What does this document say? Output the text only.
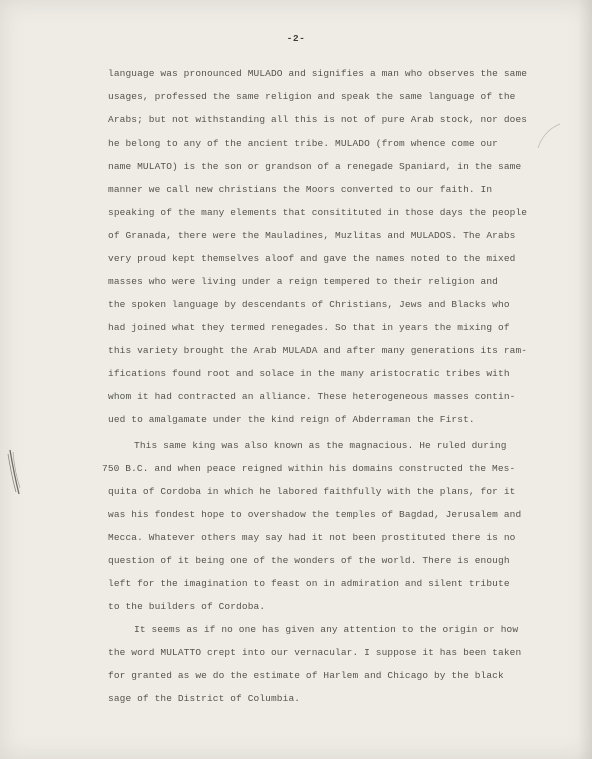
-2-
language was pronounced MULADO and signifies a man who observes the same
usages, professed the same religion and speak the same language of the
Arabs; but not withstanding all this is not of pure Arab stock, nor does
he belong to any of the ancient tribe. MULADO (from whence come our
name MULATO) is the son or grandson of a renegade Spaniard, in the same
manner we call new christians the Moors converted to our faith. In
speaking of the many elements that consitituted in those days the people
of Granada, there were the Mauladines, Muzlitas and MULADOS. The Arabs
very proud kept themselves aloof and gave the names noted to the mixed
masses who were living under a reign tempered to their religion and
the spoken language by descendants of Christians, Jews and Blacks who
had joined what they termed renegades. So that in years the mixing of
this variety brought the Arab MULADA and after many generations its ram-
ifications found root and solace in the many aristocratic tribes with
whom it had contracted an alliance. These heterogeneous masses contin-
ued to amalgamate under the kind reign of Abderraman the First.
This same king was also known as the magnacious. He ruled during
750 B.C. and when peace reigned within his domains constructed the Mes-
quita of Cordoba in which he labored faithfully with the plans, for it
was his fondest hope to overshadow the temples of Bagdad, Jerusalem and
Mecca. Whatever others may say had it not been prostituted there is no
question of it being one of the wonders of the world. There is enough
left for the imagination to feast on in admiration and silent tribute
to the builders of Cordoba.
It seems as if no one has given any attention to the origin or how
the word MULATTO crept into our vernacular. I suppose it has been taken
for granted as we do the estimate of Harlem and Chicago by the black
sage of the District of Columbia.
